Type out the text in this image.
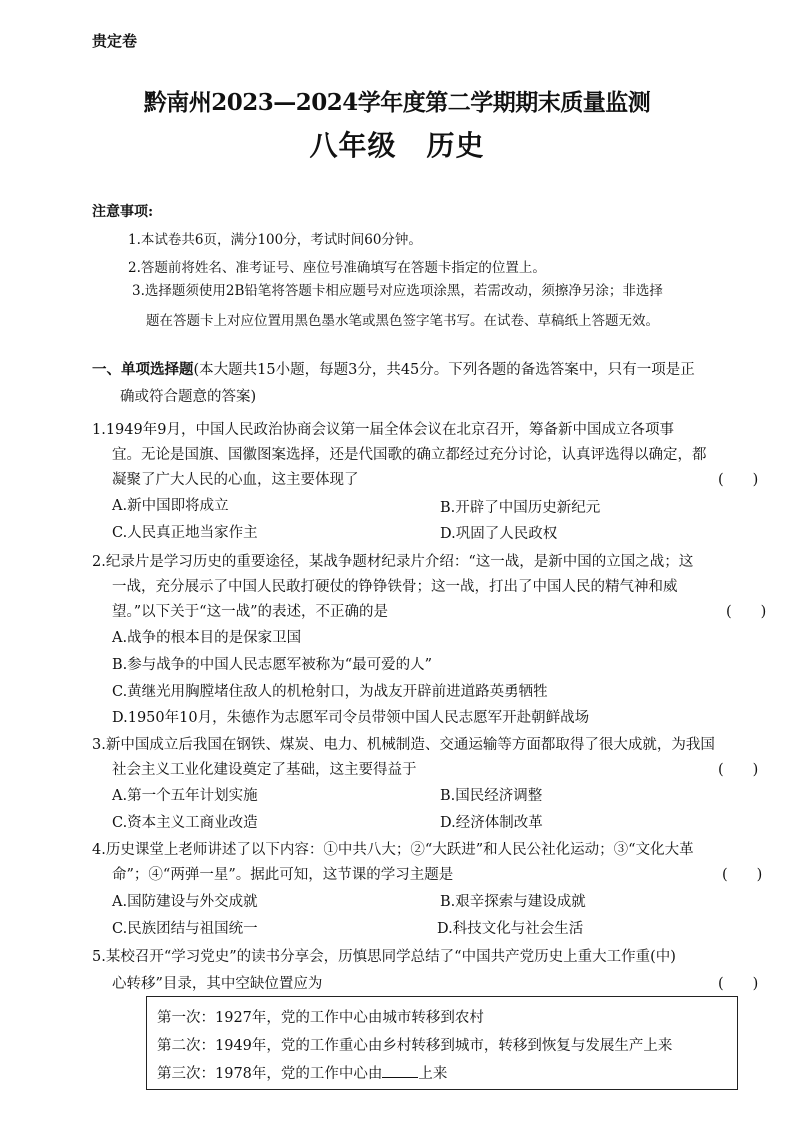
贵定卷
黔南州2023—2024学年度第二学期期末质量监测
八年级 历史
注意事项:
1.本试卷共6页，满分100分，考试时间60分钟。
2.答题前将姓名、准考证号、座位号准确填写在答题卡指定的位置上。
3.选择题须使用2B铅笔将答题卡相应题号对应选项涂黑，若需改动，须擦净另涂；非选择
题在答题卡上对应位置用黑色墨水笔或黑色签字笔书写。在试卷、草稿纸上答题无效。
一、单项选择题(本大题共15小题，每题3分，共45分。下列各题的备选答案中，只有一项是正
确或符合题意的答案)
1.1949年9月，中国人民政治协商会议第一届全体会议在北京召开，筹备新中国成立各项事
宜。无论是国旗、国徽图案选择，还是代国歌的确立都经过充分讨论，认真评选得以确定，都
凝聚了广大人民的心血，这主要体现了	(　　)
A.新中国即将成立	B.开辟了中国历史新纪元
C.人民真正地当家作主	D.巩固了人民政权
2.纪录片是学习历史的重要途径，某战争题材纪录片介绍：“这一战，是新中国的立国之战；这
一战，充分展示了中国人民敢打硬仗的铮铮铁骨；这一战，打出了中国人民的精气神和威
望。”以下关于“这一战”的表述，不正确的是	(　　)
A.战争的根本目的是保家卫国
B.参与战争的中国人民志愿军被称为“最可爱的人”
C.黄继光用胸膛堵住敌人的机枪射口，为战友开辟前进道路英勇牺牲
D.1950年10月，朱德作为志愿军司令员带领中国人民志愿军开赴朝鲜战场
3.新中国成立后我国在钢铁、煤炭、电力、机械制造、交通运输等方面都取得了很大成就，为我国
社会主义工业化建设奠定了基础，这主要得益于	(　　)
A.第一个五年计划实施	B.国民经济调整
C.资本主义工商业改造	D.经济体制改革
4.历史课堂上老师讲述了以下内容：①中共八大；②“大跃进”和人民公社化运动；③“文化大革
命”；④“两弹一星”。据此可知，这节课的学习主题是	(　　)
A.国防建设与外交成就	B.艰辛探索与建设成就
C.民族团结与祖国统一	D.科技文化与社会生活
5.某校召开“学习党史”的读书分享会，历慎思同学总结了“中国共产党历史上重大工作重(中)
心转移”目录，其中空缺位置应为	(　　)
第一次：1927年，党的工作中心由城市转移到农村
第二次：1949年，党的工作重心由乡村转移到城市，转移到恢复与发展生产上来
第三次：1978年，党的工作中心由 上来
